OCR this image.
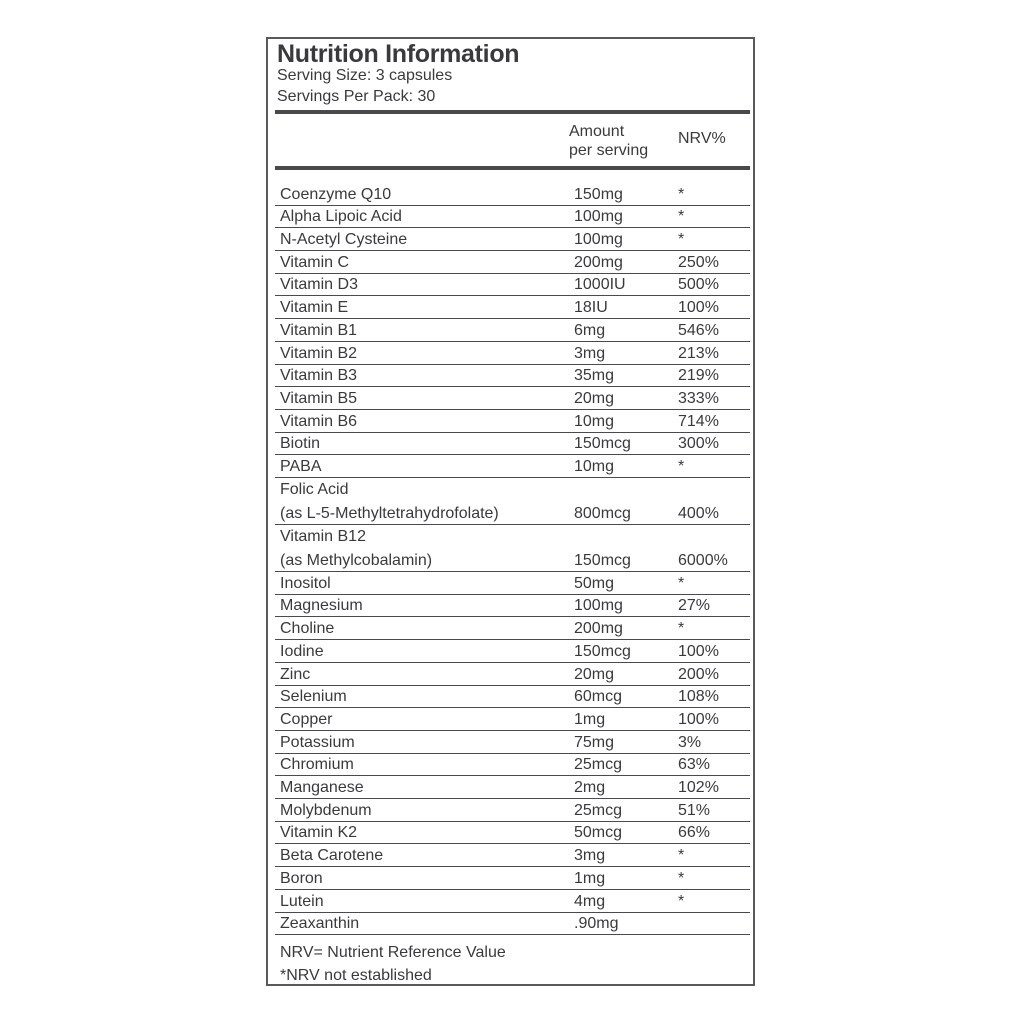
Nutrition Information
Serving Size: 3 capsules
Servings Per Pack: 30
Amount
per serving
NRV%
Coenzyme Q10	150mg	*
Alpha Lipoic Acid	100mg	*
N-Acetyl Cysteine	100mg	*
Vitamin C	200mg	250%
Vitamin D3	1000IU	500%
Vitamin E	18IU	100%
Vitamin B1	6mg	546%
Vitamin B2	3mg	213%
Vitamin B3	35mg	219%
Vitamin B5	20mg	333%
Vitamin B6	10mg	714%
Biotin	150mcg	300%
PABA	10mg	*
Folic Acid
(as L-5-Methyltetrahydrofolate)	800mcg	400%
Vitamin B12
(as Methylcobalamin)	150mcg	6000%
Inositol	50mg	*
Magnesium	100mg	27%
Choline	200mg	*
Iodine	150mcg	100%
Zinc	20mg	200%
Selenium	60mcg	108%
Copper	1mg	100%
Potassium	75mg	3%
Chromium	25mcg	63%
Manganese	2mg	102%
Molybdenum	25mcg	51%
Vitamin K2	50mcg	66%
Beta Carotene	3mg	*
Boron	1mg	*
Lutein	4mg	*
Zeaxanthin	.90mg
NRV= Nutrient Reference Value
*NRV not established
